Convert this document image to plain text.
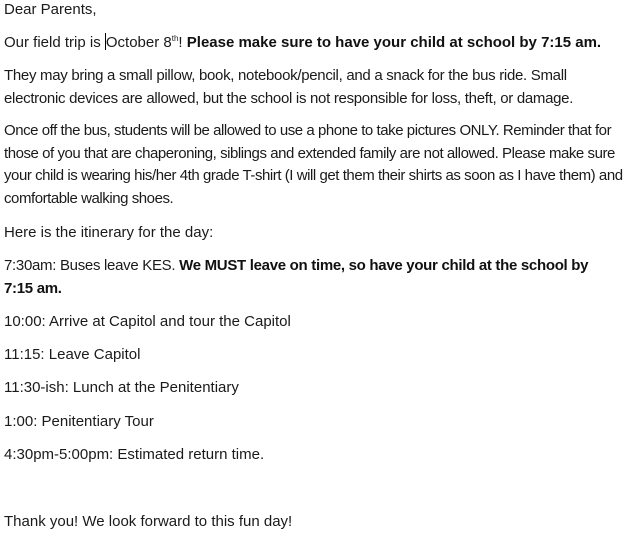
Dear Parents,
Our field trip is October 8th! Please make sure to have your child at school by 7:15 am.
They may bring a small pillow, book, notebook/pencil, and a snack for the bus ride. Small electronic devices are allowed, but the school is not responsible for loss, theft, or damage.
Once off the bus, students will be allowed to use a phone to take pictures ONLY. Reminder that for those of you that are chaperoning, siblings and extended family are not allowed. Please make sure your child is wearing his/her 4th grade T-shirt (I will get them their shirts as soon as I have them) and comfortable walking shoes.
Here is the itinerary for the day:
7:30am: Buses leave KES. We MUST leave on time, so have your child at the school by 7:15 am.
10:00: Arrive at Capitol and tour the Capitol
11:15: Leave Capitol
11:30-ish: Lunch at the Penitentiary
1:00: Penitentiary Tour
4:30pm-5:00pm: Estimated return time.
Thank you! We look forward to this fun day!
